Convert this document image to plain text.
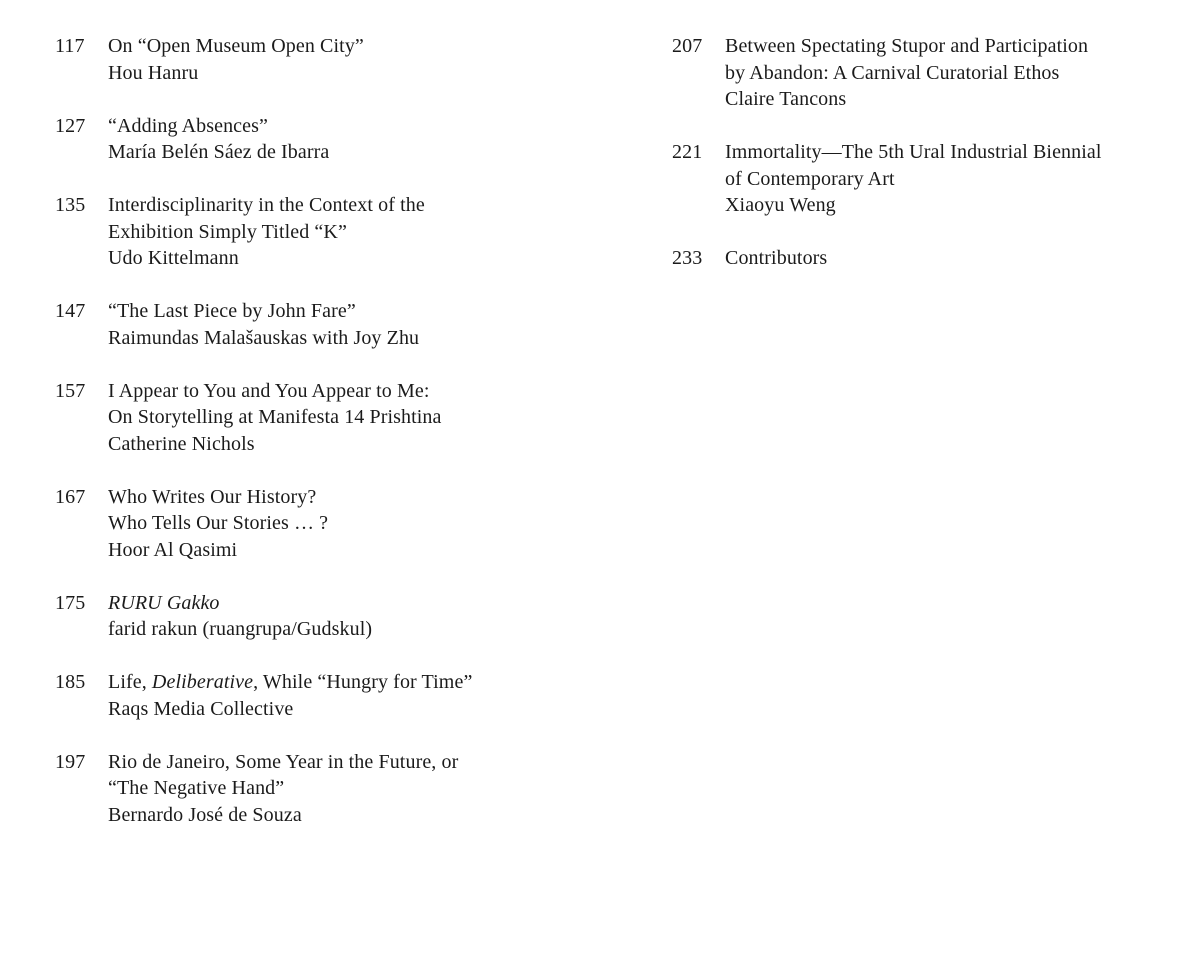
117	On “Open Museum Open City”
Hou Hanru
127	“Adding Absences”
María Belén Sáez de Ibarra
135	Interdisciplinarity in the Context of the
Exhibition Simply Titled “K”
Udo Kittelmann
147	“The Last Piece by John Fare”
Raimundas Malašauskas with Joy Zhu
157	I Appear to You and You Appear to Me:
On Storytelling at Manifesta 14 Prishtina
Catherine Nichols
167	Who Writes Our History?
Who Tells Our Stories … ?
Hoor Al Qasimi
175	RURU Gakko
farid rakun (ruangrupa/Gudskul)
185	Life, Deliberative, While “Hungry for Time”
Raqs Media Collective
197	Rio de Janeiro, Some Year in the Future, or
“The Negative Hand”
Bernardo José de Souza
207	Between Spectating Stupor and Participation
by Abandon: A Carnival Curatorial Ethos
Claire Tancons
221	Immortality—The 5th Ural Industrial Biennial
of Contemporary Art
Xiaoyu Weng
233	Contributors
